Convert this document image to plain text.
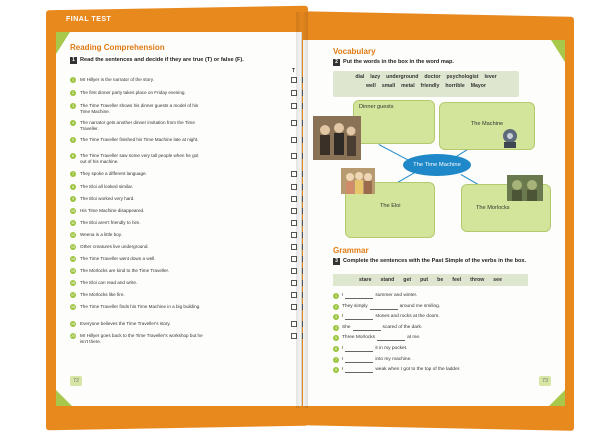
FINAL TEST
Reading Comprehension
1 Read the sentences and decide if they are true (T) or false (F).
T
1	Mr Hillyer is the narrator of the story.
2	The first dinner party takes place on Friday evening.
3	The Time Traveller shows his dinner guests a model of his Time Machine.
4	The narrator gets another dinner invitation from the Time Traveller.
5	The Time Traveller finished his Time Machine late at night.
6	The Time Traveller saw some very tall people when he got out of his machine.
7	They spoke a different language.
8	The Eloi all looked similar.
9	The Eloi worked very hard.
10 His Time Machine disappeared.
11 The Eloi aren't friendly to him.
12 Weena is a little boy.
13 Other creatures live underground.
14 The Time Traveller went down a well.
15 The Morlocks are kind to the Time Traveller.
16 The Eloi can read and write.
17 The Morlocks like fire.
18 The Time Traveller finds his Time Machine in a big building.
19 Everyone believes the Time Traveller's story.
20 Mr Hillyer goes back to the Time Traveller's workshop but he isn't there.
72
Vocabulary
2 Put the words in the box in the word map.
dial lazy underground doctor psychologist lever
well small metal friendly horrible Mayor
Dinner guests
The Machine
The Eloi	The Morlocks
The Time Machine
Grammar
3 Complete the sentences with the Past Simple of the verbs in the box.
stare stand get put be feel throw see
1 I	summer and winter.
2 They simply	around me smiling.
3 I	stones and rocks at the doors.
4 She	scared of the dark.
5 Three Morlocks	at me.
6 I	it in my pocket.
7 I	into my machine.
8 I	weak when I got to the top of the ladder.
73
